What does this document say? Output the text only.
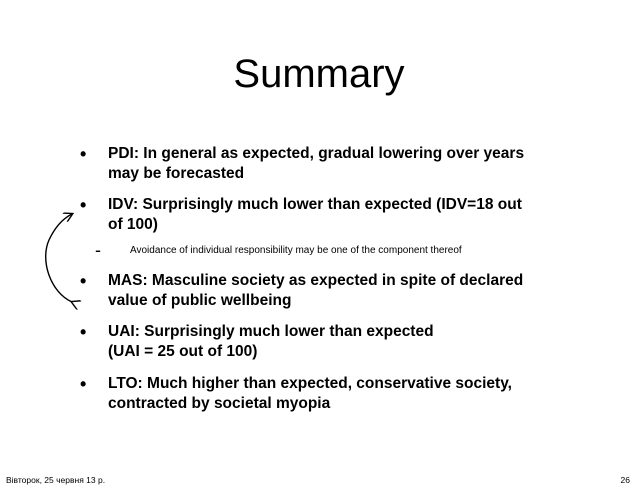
Summary
• PDI: In general as expected, gradual lowering over years
may be forecasted
• IDV: Surprisingly much lower than expected (IDV=18 out
of 100)
-	Avoidance of individual responsibility may be one of the component thereof
• MAS: Masculine society as expected in spite of declared
value of public wellbeing
• UAI: Surprisingly much lower than expected
(UAI = 25 out of 100)
• LTO: Much higher than expected, conservative society,
contracted by societal myopia
Вівторок, 25 червня 13 р.	26
